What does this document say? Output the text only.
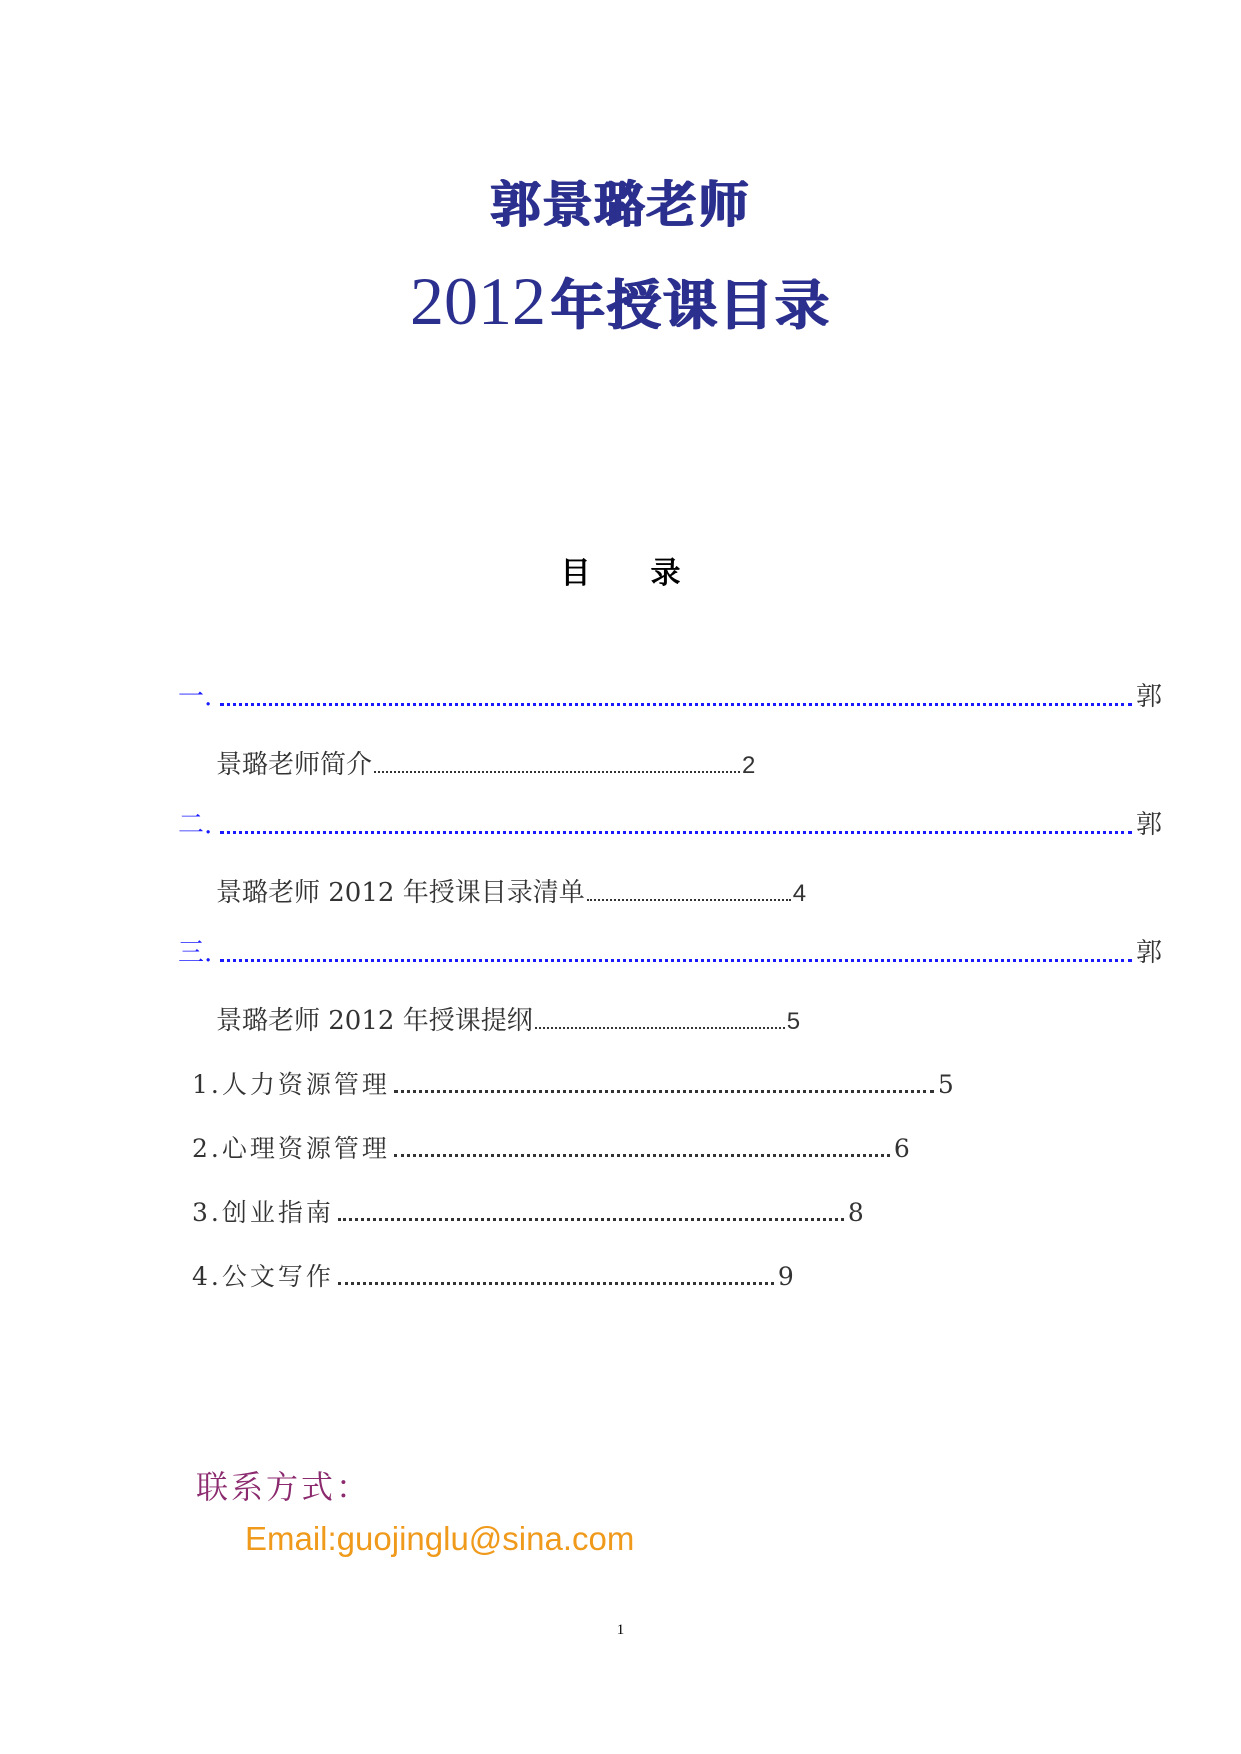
郭景璐老师
2012 年授课目录
目　　录
一.	郭
景璐老师简介	2
二.	郭
景璐老师 2012 年授课目录清单	4
三.	郭
景璐老师 2012 年授课提纲	5
1.人力资源管理	5
2.心理资源管理	6
3.创业指南	8
4.公文写作	9
联系方式：
Email:guojinglu@sina.com
1
